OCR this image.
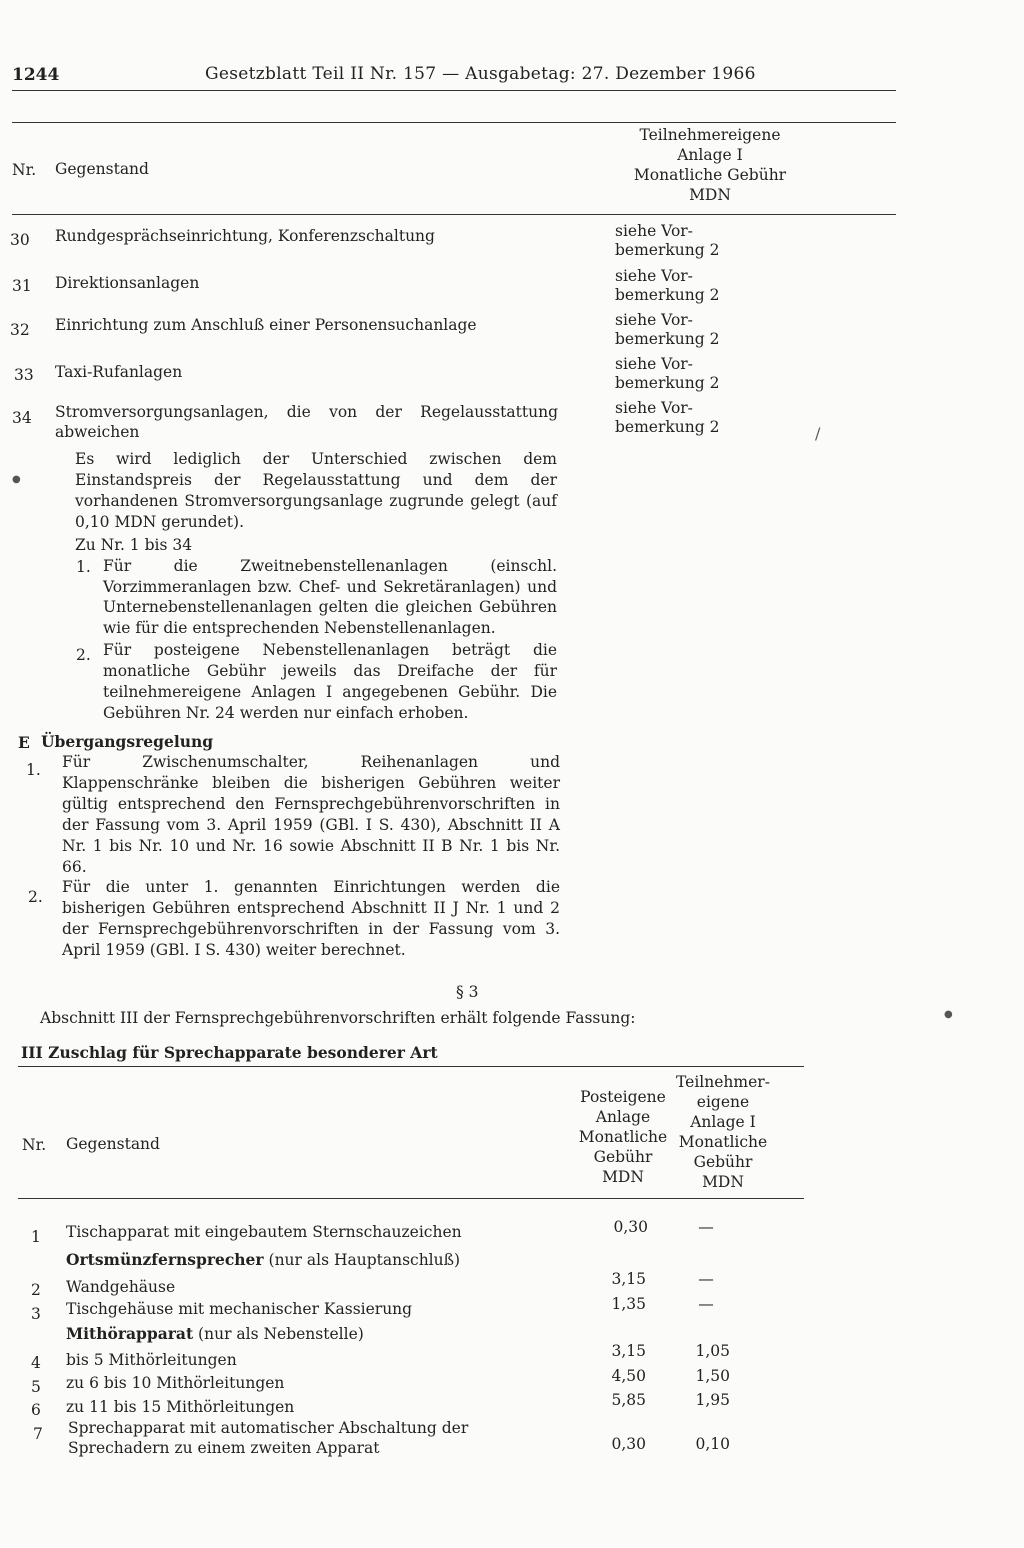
1244	Gesetzblatt Teil II Nr. 157 — Ausgabetag: 27. Dezember 1966
Nr. Gegenstand
Teilnehmereigene
Anlage I
Monatliche Gebühr
MDN
30 Rundgesprächseinrichtung, Konferenzschaltung	siehe Vor-
bemerkung 2
31 Direktionsanlagen	siehe Vor-
bemerkung 2
32 Einrichtung zum Anschluß einer Personensuchanlage	siehe Vor-
bemerkung 2
33 Taxi-Rufanlagen	siehe Vor-
bemerkung 2
34 Stromversorgungsanlagen, die von der Regelausstattung abweichen
siehe Vor-
bemerkung 2
Es wird lediglich der Unterschied zwischen dem Einstandspreis der Regelausstattung und dem der vorhandenen Stromversorgungsanlage zugrunde gelegt (auf 0,10 MDN gerundet).
Zu Nr. 1 bis 34
1. Für die Zweitnebenstellenanlagen (einschl. Vorzimmeranlagen bzw. Chef- und Sekretäranlagen) und Unternebenstellenanlagen gelten die gleichen Gebühren wie für die entsprechenden Nebenstellenanlagen.
2. Für posteigene Nebenstellenanlagen beträgt die monatliche Gebühr jeweils das Dreifache der für teilnehmereigene Anlagen I angegebenen Gebühr. Die Gebühren Nr. 24 werden nur einfach erhoben.
E Übergangsregelung
1. Für Zwischenumschalter, Reihenanlagen und Klappenschränke bleiben die bisherigen Gebühren weiter gültig entsprechend den Fernsprechgebührenvorschriften in der Fassung vom 3. April 1959 (GBl. I S. 430), Abschnitt II A Nr. 1 bis Nr. 10 und Nr. 16 sowie Abschnitt II B Nr. 1 bis Nr. 66.
2.
Für die unter 1. genannten Einrichtungen werden die bisherigen Gebühren entsprechend Abschnitt II J Nr. 1 und 2 der Fernsprechgebührenvorschriften in der Fassung vom 3. April 1959 (GBl. I S. 430) weiter berechnet.
§ 3
Abschnitt III der Fernsprechgebührenvorschriften erhält folgende Fassung:
III Zuschlag für Sprechapparate besonderer Art
Nr. Gegenstand
Posteigene
Anlage
Monatliche
Gebühr
MDN
Teilnehmer-
eigene
Anlage I
Monatliche
Gebühr
MDN
1 Tischapparat mit eingebautem Sternschauzeichen	0,30	—
Ortsmünzfernsprecher (nur als Hauptanschluß)
2 Wandgehäuse	3,15	—
3 Tischgehäuse mit mechanischer Kassierung	1,35	—
Mithörapparat (nur als Nebenstelle)
4 bis 5 Mithörleitungen	3,15	1,05
5 zu 6 bis 10 Mithörleitungen	4,50	1,50
6 zu 11 bis 15 Mithörleitungen	5,85	1,95
7 Sprechapparat mit automatischer Abschaltung der
Sprechadern zu einem zweiten Apparat	0,30	0,10
/
●
●
